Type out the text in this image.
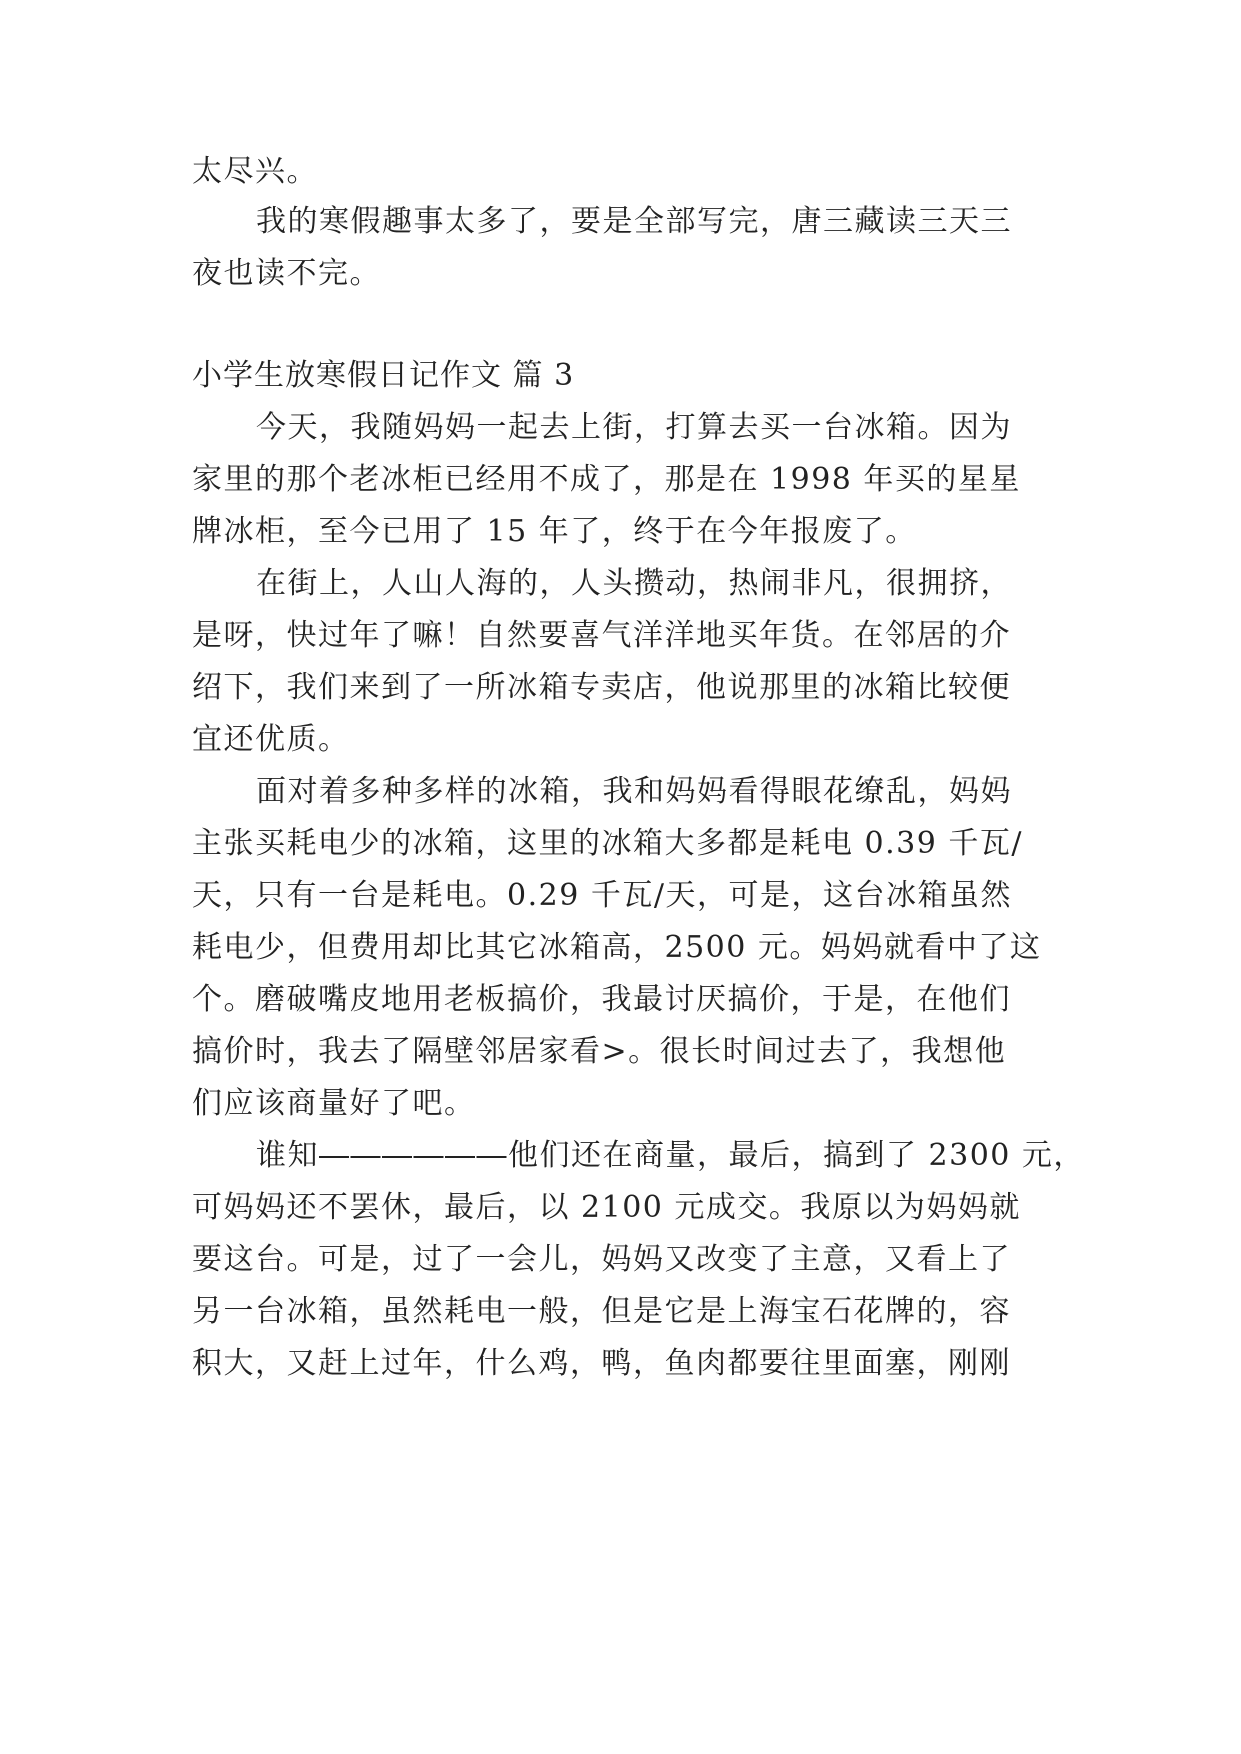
太尽兴。
我的寒假趣事太多了，要是全部写完，唐三藏读三天三
夜也读不完。
小学生放寒假日记作文 篇 3
今天，我随妈妈一起去上街，打算去买一台冰箱。因为
家里的那个老冰柜已经用不成了，那是在 1998 年买的星星
牌冰柜，至今已用了 15 年了，终于在今年报废了。
在街上，人山人海的，人头攒动，热闹非凡，很拥挤，
是呀，快过年了嘛！自然要喜气洋洋地买年货。在邻居的介
绍下，我们来到了一所冰箱专卖店，他说那里的冰箱比较便
宜还优质。
面对着多种多样的冰箱，我和妈妈看得眼花缭乱，妈妈
主张买耗电少的冰箱，这里的冰箱大多都是耗电 0.39 千瓦/
天，只有一台是耗电。0.29 千瓦/天，可是，这台冰箱虽然
耗电少，但费用却比其它冰箱高，2500 元。妈妈就看中了这
个。磨破嘴皮地用老板搞价，我最讨厌搞价，于是，在他们
搞价时，我去了隔壁邻居家看>。很长时间过去了，我想他
们应该商量好了吧。
谁知――――――他们还在商量，最后，搞到了 2300 元，
可妈妈还不罢休，最后，以 2100 元成交。我原以为妈妈就
要这台。可是，过了一会儿，妈妈又改变了主意，又看上了
另一台冰箱，虽然耗电一般，但是它是上海宝石花牌的，容
积大，又赶上过年，什么鸡，鸭，鱼肉都要往里面塞，刚刚
